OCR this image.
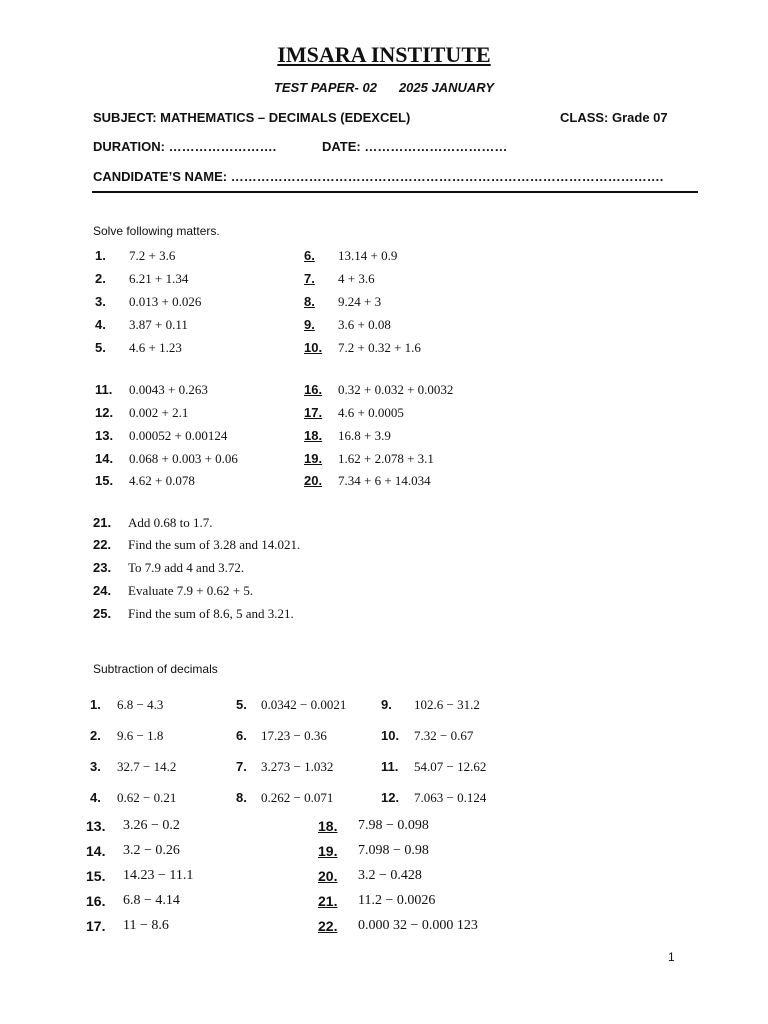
IMSARA INSTITUTE
TEST PAPER- 02 2025 JANUARY
SUBJECT: MATHEMATICS – DECIMALS (EDEXCEL)	CLASS: Grade 07
DURATION: …………………….	DATE: ……………………………
CANDIDATE’S NAME: ……………………………………………………………………………………….
Solve following matters.
1. 7.2 + 3.6
2. 6.21 + 1.34
3. 0.013 + 0.026
4. 3.87 + 0.11
5. 4.6 + 1.23
11. 0.0043 + 0.263
12. 0.002 + 2.1
13. 0.00052 + 0.00124
14. 0.068 + 0.003 + 0.06
15. 4.62 + 0.078
6. 13.14 + 0.9
7. 4 + 3.6
8. 9.24 + 3
9. 3.6 + 0.08
10. 7.2 + 0.32 + 1.6
16. 0.32 + 0.032 + 0.0032
17. 4.6 + 0.0005
18. 16.8 + 3.9
19. 1.62 + 2.078 + 3.1
20. 7.34 + 6 + 14.034
21. Add 0.68 to 1.7.
22. Find the sum of 3.28 and 14.021.
23. To 7.9 add 4 and 3.72.
24. Evaluate 7.9 + 0.62 + 5.
25. Find the sum of 8.6, 5 and 3.21.
Subtraction of decimals
1. 6.8 − 4.3	5. 0.0342 − 0.0021	9. 102.6 − 31.2
2. 9.6 − 1.8	6. 17.23 − 0.36	10. 7.32 − 0.67
3. 32.7 − 14.2	7. 3.273 − 1.032	11. 54.07 − 12.62
4. 0.62 − 0.21	8. 0.262 − 0.071	12. 7.063 − 0.124
13. 3.26 − 0.2
14. 3.2 − 0.26
15. 14.23 − 11.1
16. 6.8 − 4.14
17. 11 − 8.6
18. 7.98 − 0.098
19. 7.098 − 0.98
20. 3.2 − 0.428
21. 11.2 − 0.0026
22. 0.000 32 − 0.000 123
1
